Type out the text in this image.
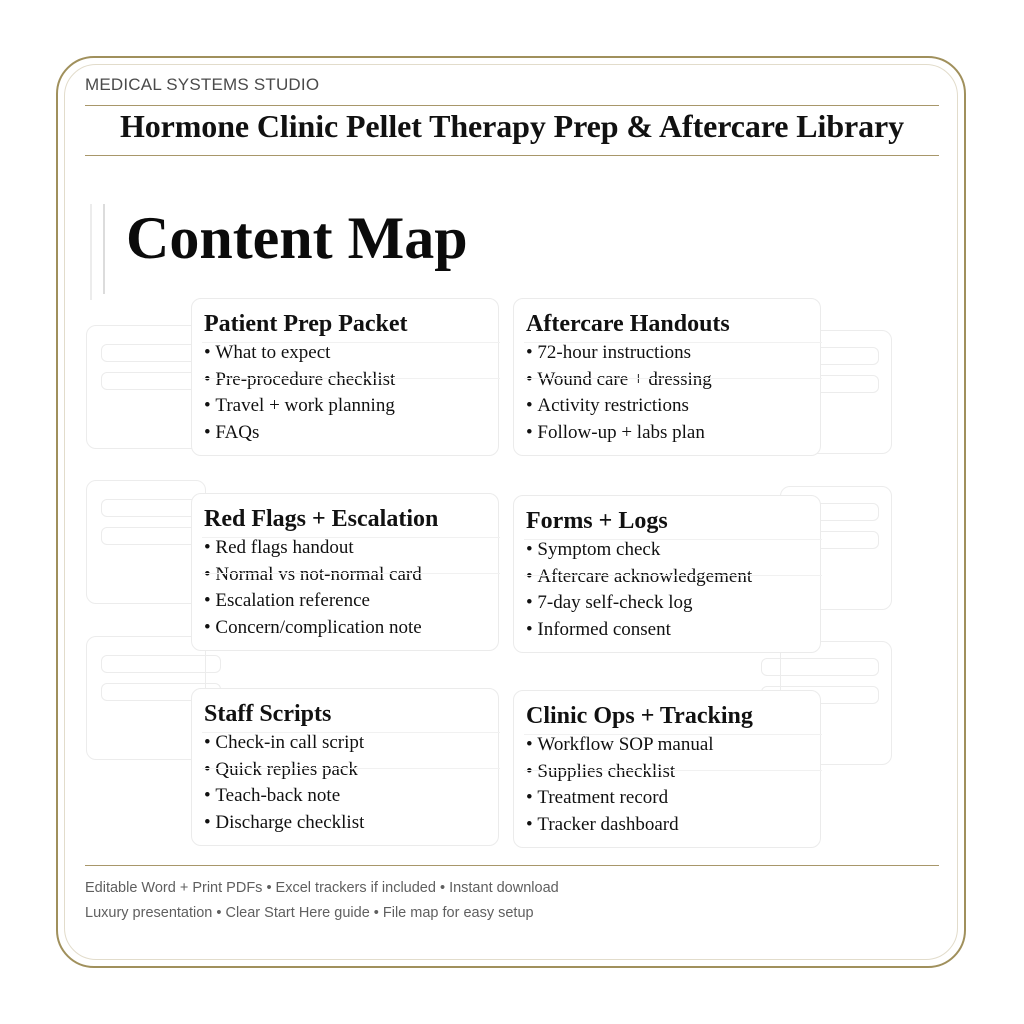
MEDICAL SYSTEMS STUDIO
Hormone Clinic Pellet Therapy Prep & Aftercare Library
Content Map
Patient Prep Packet
• What to expect
• Pre-procedure checklist
• Travel + work planning
• FAQs
Aftercare Handouts
• 72-hour instructions
• Wound care + dressing
• Activity restrictions
• Follow-up + labs plan
Red Flags + Escalation
• Red flags handout
• Normal vs not-normal card
• Escalation reference
• Concern/complication note
Forms + Logs
• Symptom check
• Aftercare acknowledgement
• 7-day self-check log
• Informed consent
Staff Scripts
• Check-in call script
• Quick replies pack
• Teach-back note
• Discharge checklist
Clinic Ops + Tracking
• Workflow SOP manual
• Supplies checklist
• Treatment record
• Tracker dashboard
Editable Word + Print PDFs • Excel trackers if included • Instant download
Luxury presentation • Clear Start Here guide • File map for easy setup
